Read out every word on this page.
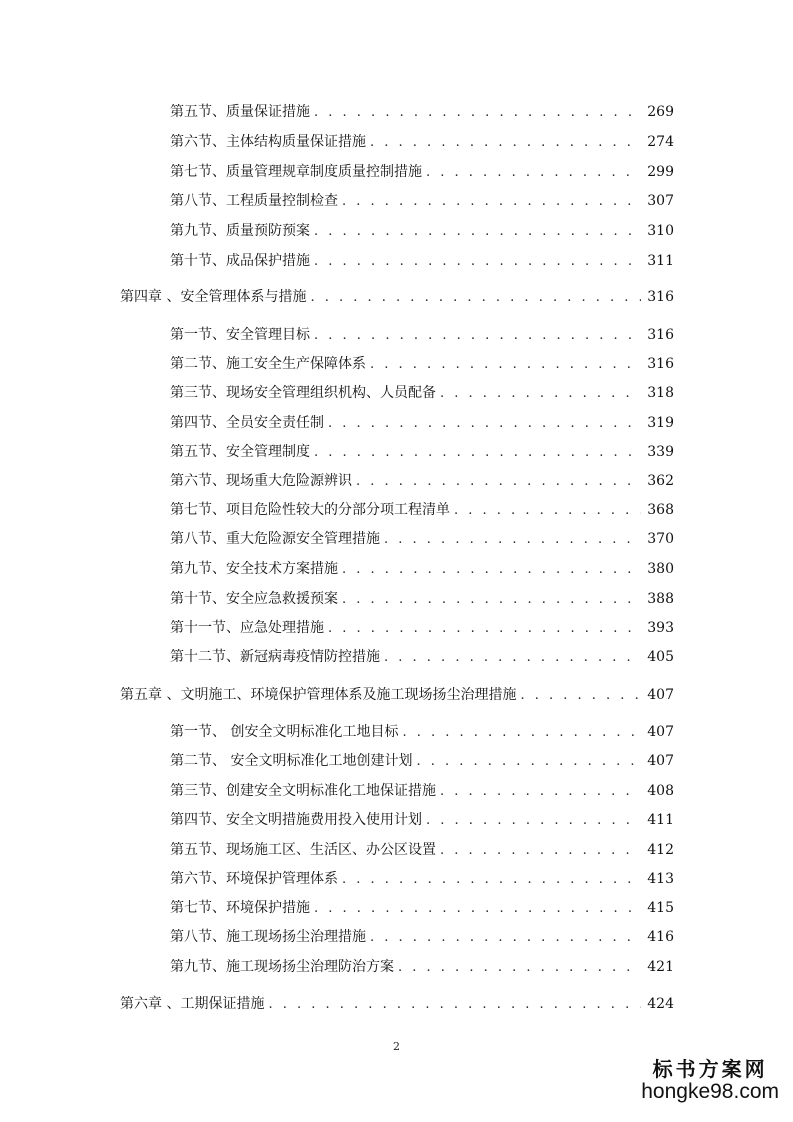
第五节、质量保证措施 . . .	269
第六节、主体结构质量保证措施 . . .	274
第七节、质量管理规章制度质量控制措施 . . .	299
第八节、工程质量控制检查 . . .	307
第九节、质量预防预案 . . .	310
第十节、成品保护措施 . . .	311
第四章 、安全管理体系与措施 . . .	316
第一节、安全管理目标 . . .	316
第二节、施工安全生产保障体系 . . .	316
第三节、现场安全管理组织机构、人员配备 . . .	318
第四节、全员安全责任制 . . .	319
第五节、安全管理制度 . . .	339
第六节、现场重大危险源辨识 . . .	362
第七节、项目危险性较大的分部分项工程清单 . . .	368
第八节、重大危险源安全管理措施 . . .	370
第九节、安全技术方案措施 . . .	380
第十节、安全应急救援预案 . . .	388
第十一节、应急处理措施 . . .	393
第十二节、新冠病毒疫情防控措施 . . .	405
第五章 、文明施工、环境保护管理体系及施工现场扬尘治理措施 . . .	407
第一节、 创安全文明标准化工地目标 . . .	407
第二节、 安全文明标准化工地创建计划 . . .	407
第三节、创建安全文明标准化工地保证措施 . . .	408
第四节、安全文明措施费用投入使用计划 . . .	411
第五节、现场施工区、生活区、办公区设置 . . .	412
第六节、环境保护管理体系 . . .	413
第七节、环境保护措施 . . .	415
第八节、施工现场扬尘治理措施 . . .	416
第九节、施工现场扬尘治理防治方案 . . .	421
第六章 、工期保证措施 . . .	424
2
标书方案网
hongke98.com
